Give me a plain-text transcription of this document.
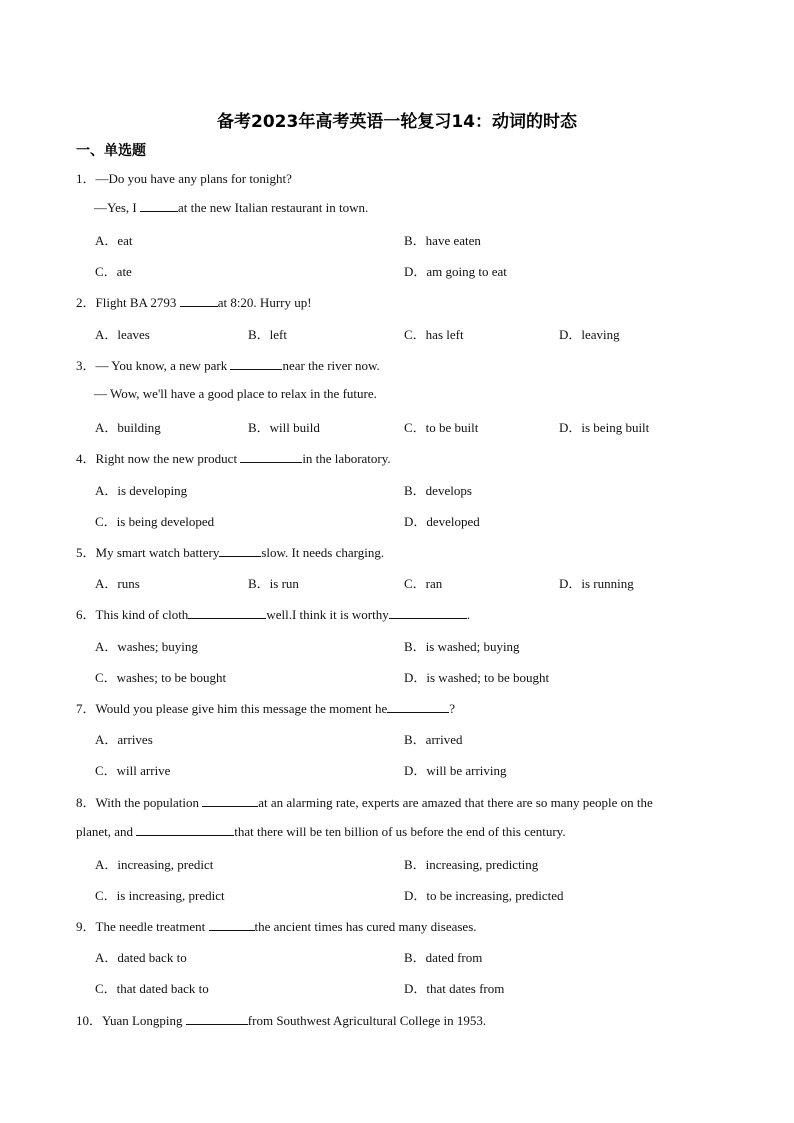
备考2023年高考英语一轮复习14：动词的时态
一、单选题
1．—Do you have any plans for tonight?
—Yes, I	at the new Italian restaurant in town.
A．eat	B．have eaten
C．ate	D．am going to eat
2．Flight BA 2793	at 8:20. Hurry up!
A．leaves	B．left	C．has left	D．leaving
3．— You know, a new park	near the river now.
— Wow, we'll have a good place to relax in the future.
A．building	B．will build	C．to be built	D．is being built
4．Right now the new product	in the laboratory.
A．is developing	B．develops
C．is being developed	D．developed
5．My smart watch battery	slow. It needs charging.
A．runs	B．is run	C．ran	D．is running
6．This kind of cloth	well.I think it is worthy	.
A．washes; buying	B．is washed; buying
C．washes; to be bought	D．is washed; to be bought
7．Would you please give him this message the moment he	?
A．arrives	B．arrived
C．will arrive	D．will be arriving
8．With the population	at an alarming rate, experts are amazed that there are so many people on the
planet, and	that there will be ten billion of us before the end of this century.
A．increasing, predict	B．increasing, predicting
C．is increasing, predict	D．to be increasing, predicted
9．The needle treatment	the ancient times has cured many diseases.
A．dated back to	B．dated from
C．that dated back to	D．that dates from
10．Yuan Longping	from Southwest Agricultural College in 1953.
